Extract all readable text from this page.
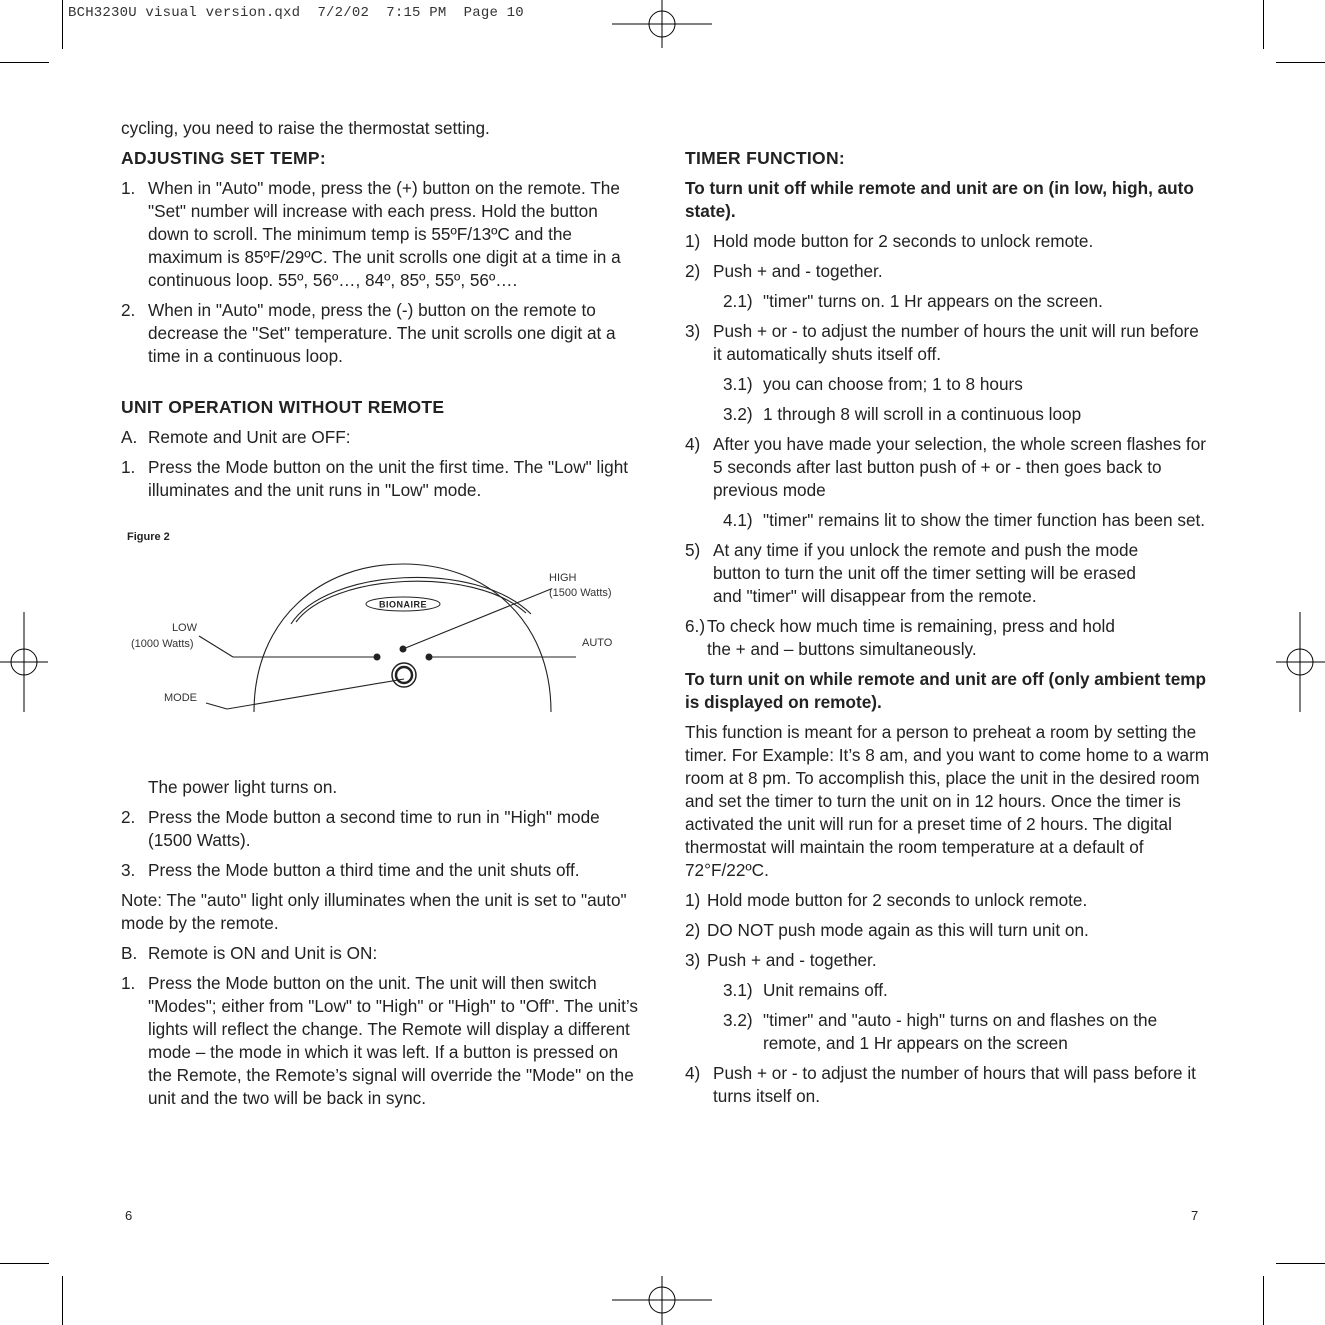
BCH3230U visual version.qxd  7/2/02  7:15 PM  Page 10

cycling, you need to raise the thermostat setting.

ADJUSTING SET TEMP:
1. When in "Auto" mode, press the (+) button on the remote. The "Set" number will increase with each press. Hold the button down to scroll. The minimum temp is 55ºF/13ºC and the maximum is 85ºF/29ºC. The unit scrolls one digit at a time in a continuous loop. 55º, 56º…, 84º, 85º, 55º, 56º….
2. When in "Auto" mode, press the (-) button on the remote to decrease the "Set" temperature. The unit scrolls one digit at a time in a continuous loop.
UNIT OPERATION WITHOUT REMOTE
A. Remote and Unit are OFF:
1. Press the Mode button on the unit the first time. The "Low" light illuminates and the unit runs in "Low" mode.
Figure 2
BIONAIRE
LOW
(1000 Watts)
HIGH
(1500 Watts)
AUTO
MODE

The power light turns on.

2. Press the Mode button a second time to run in "High" mode (1500 Watts).
3. Press the Mode button a third time and the unit shuts off.

Note: The "auto" light only illuminates when the unit is set to "auto" mode by the remote.

B. Remote is ON and Unit is ON:
1. Press the Mode button on the unit. The unit will then switch "Modes"; either from "Low" to "High" or "High" to "Off". The unit’s lights will reflect the change. The Remote will display a different mode – the mode in which it was left. If a button is pressed on the Remote, the Remote’s signal will override the "Mode" on the unit and the two will be back in sync.
6
TIMER FUNCTION:
To turn unit off while remote and unit are on (in low, high, auto state).
1) Hold mode button for 2 seconds to unlock remote.
2) Push + and - together.
2.1) "timer" turns on. 1 Hr appears on the screen.
3) Push + or - to adjust the number of hours the unit will run before it automatically shuts itself off.
3.1) you can choose from; 1 to 8 hours
3.2) 1 through 8 will scroll in a continuous loop
4) After you have made your selection, the whole screen flashes for 5 seconds after last button push of + or - then goes back to previous mode
4.1) "timer" remains lit to show the timer function has been set.
5) At any time if you unlock the remote and push the mode button to turn the unit off the timer setting will be erased and "timer" will disappear from the remote.
6.) To check how much time is remaining, press and hold the + and – buttons simultaneously.
To turn unit on while remote and unit are off (only ambient temp is displayed on remote).

This function is meant for a person to preheat a room by setting the timer. For Example: It’s 8 am, and you want to come home to a warm room at 8 pm. To accomplish this, place the unit in the desired room and set the timer to turn the unit on in 12 hours. Once the timer is activated the unit will run for a preset time of 2 hours. The digital thermostat will maintain the room temperature at a default of 72°F/22ºC.

1) Hold mode button for 2 seconds to unlock remote.
2) DO NOT push mode again as this will turn unit on.
3) Push + and - together.
3.1) Unit remains off.
3.2) "timer" and "auto - high" turns on and flashes on the remote, and 1 Hr appears on the screen
4) Push + or - to adjust the number of hours that will pass before it turns itself on.
7
